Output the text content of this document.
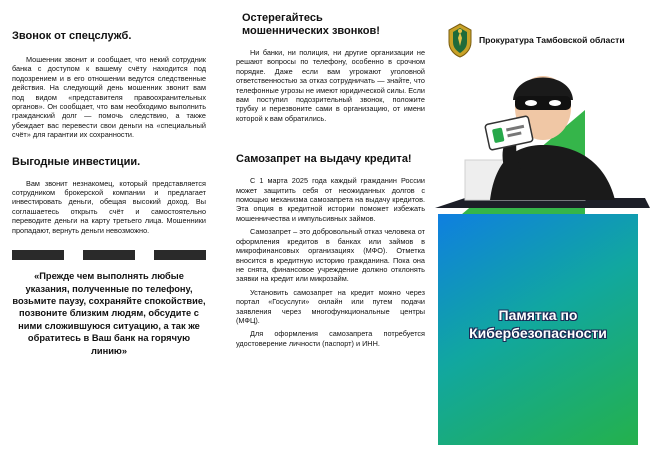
Звонок от спецслужб.

Мошенник звонит и сообщает, что некий сотрудник банка с доступом к вашему счёту находится под подозрением и в его отношении ведутся следственные действия. На следующий день мошенник звонит вам под видом «представителя правоохранительных органов». Он сообщает, что вам необходимо выполнить гражданский долг — помочь следствию, а также убеждает вас перевести свои деньги на «специальный счёт» для гарантии их сохранности.

Выгодные инвестиции.

Вам звонит незнакомец, который представляется сотрудником брокерской компании и предлагает инвестировать деньги, обещая высокий доход. Вы соглашаетесь открыть счёт и самостоятельно переводите деньги на карту третьего лица. Мошенники пропадают, вернуть деньги невозможно.

«Прежде чем выполнять любые указания, полученные по телефону, возьмите паузу, сохраняйте спокойствие, позвоните близким людям, обсудите с ними сложившуюся ситуацию, а так же обратитесь в Ваш банк на горячую линию»
Остерегайтесь
мошеннических звонков!

Ни банки, ни полиция, ни другие организации не решают вопросы по телефону, особенно в срочном порядке. Даже если вам угрожают уголовной ответственностью за отказ сотрудничать — знайте, что телефонные угрозы не имеют юридической силы. Если вам поступил подозрительный звонок, положите трубку и перезвоните сами в организацию, от имени которой к вам обратились.

Самозапрет на выдачу кредита!

С 1 марта 2025 года каждый гражданин России может защитить себя от неожиданных долгов с помощью механизма самозапрета на выдачу кредитов. Эта опция в кредитной истории поможет избежать мошенничества и импульсивных займов.

Самозапрет – это добровольный отказ человека от оформления кредитов в банках или займов в микрофинансовых организациях (МФО). Отметка вносится в кредитную историю гражданина. Пока она не снята, финансовое учреждение должно отклонять заявки на кредит или микрозайм.

Установить самозапрет на кредит можно через портал «Госуслуги» онлайн или путем подачи заявления через многофункциональные центры (МФЦ).

Для оформления самозапрета потребуется удостоверение личности (паспорт) и ИНН.

Прокуратура Тамбовской области
Памятка по
Кибербезопасности
